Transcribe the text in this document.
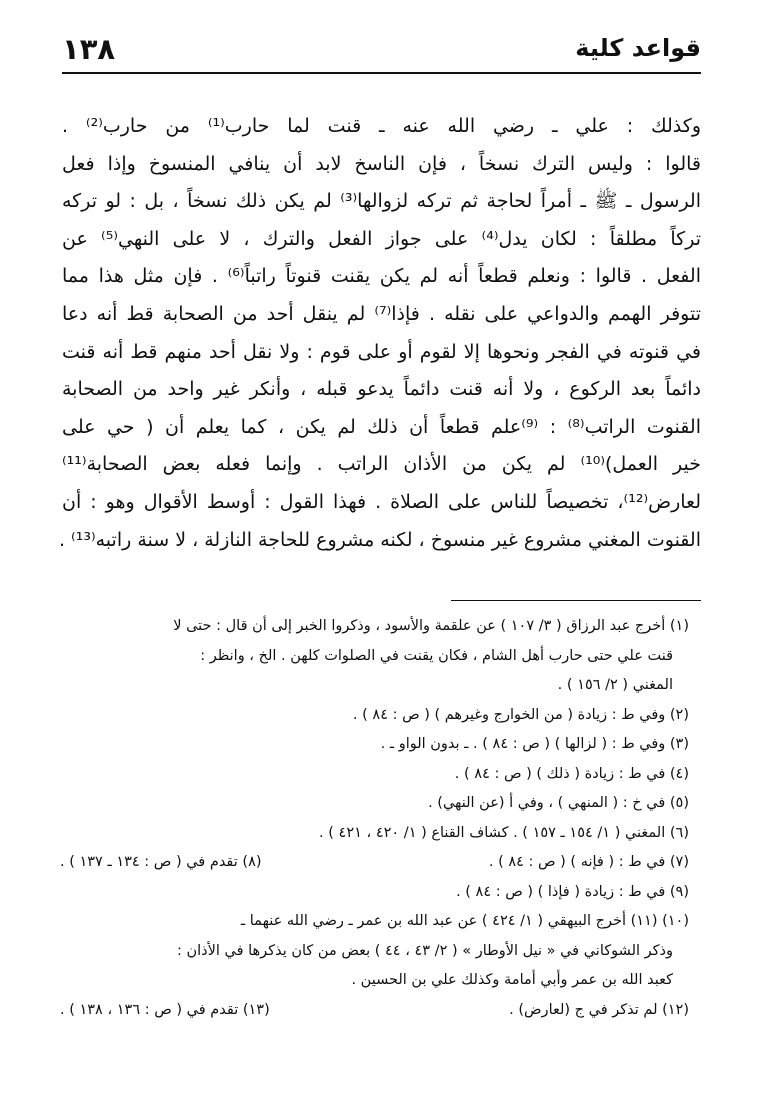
١٣٨	قواعد كلية
وكذلك : علي ـ رضي الله عنه ـ قنت لما حارب⁽¹⁾ من حارب⁽²⁾ .
قالوا : وليس الترك نسخاً ، فإن الناسخ لابد أن ينافي المنسوخ وإذا فعل
الرسول ـ ﷺ ـ أمراً لحاجة ثم تركه لزوالها⁽³⁾ لم يكن ذلك نسخاً ، بل : لو تركه
تركاً مطلقاً : لكان يدل⁽⁴⁾ على جواز الفعل والترك ، لا على النهي⁽⁵⁾ عن
الفعل . قالوا : ونعلم قطعاً أنه لم يكن يقنت قنوتاً راتباً⁽⁶⁾ . فإن مثل هذا مما
تتوفر الهمم والدواعي على نقله . فإذا⁽⁷⁾ لم ينقل أحد من الصحابة قط أنه دعا
في قنوته في الفجر ونحوها إلا لقوم أو على قوم : ولا نقل أحد منهم قط أنه قنت
دائماً بعد الركوع ، ولا أنه قنت دائماً يدعو قبله ، وأنكر غير واحد من الصحابة
القنوت الراتب⁽⁸⁾ : ⁽⁹⁾علم قطعاً أن ذلك لم يكن ، كما يعلم أن ( حي على
خير العمل)⁽¹⁰⁾ لم يكن من الأذان الراتب . وإنما فعله بعض الصحابة⁽¹¹⁾
لعارض⁽¹²⁾، تخصيصاً للناس على الصلاة . فهذا القول : أوسط الأقوال وهو : أن
القنوت المغني مشروع غير منسوخ ، لكنه مشروع للحاجة النازلة ، لا سنة راتبه⁽¹³⁾ .
(١) أخرج عبد الرزاق ( ٣/ ١٠٧ ) عن علقمة والأسود ، وذكروا الخبر إلى أن قال : حتى لا
قنت علي حتى حارب أهل الشام ، فكان يقنت في الصلوات كلهن . الخ ، وانظر :
المغني ( ٢/ ١٥٦ ) .
(٢) وفي ط : زيادة ( من الخوارج وغيرهم ) ( ص : ٨٤ ) .
(٣) وفي ط : ( لزالها ) ( ص : ٨٤ ) . ـ بدون الواو ـ .
(٤) في ط : زيادة ( ذلك ) ( ص : ٨٤ ) .
(٥) في خ : ( المنهي ) ، وفي أ (عن النهي) .
(٦) المغني ( ١/ ١٥٤ ـ ١٥٧ ) . كشاف القناع ( ١/ ٤٢٠ ، ٤٢١ ) .
(٧) في ط : ( فإنه ) ( ص : ٨٤ ) .
(٨) تقدم في ( ص : ١٣٤ ـ ١٣٧ ) .
(٩) في ط : زيادة ( فإذا ) ( ص : ٨٤ ) .
(١٠) (١١) أخرج البيهقي ( ١/ ٤٢٤ ) عن عبد الله بن عمر ـ رضي الله عنهما ـ
وذكر الشوكاني في « نيل الأوطار » ( ٢/ ٤٣ ، ٤٤ ) بعض من كان يذكرها في الأذان :
كعبد الله بن عمر وأبي أمامة وكذلك علي بن الحسين .
(١٢) لم تذكر في ج (لعارض) .
(١٣) تقدم في ( ص : ١٣٦ ، ١٣٨ ) .
